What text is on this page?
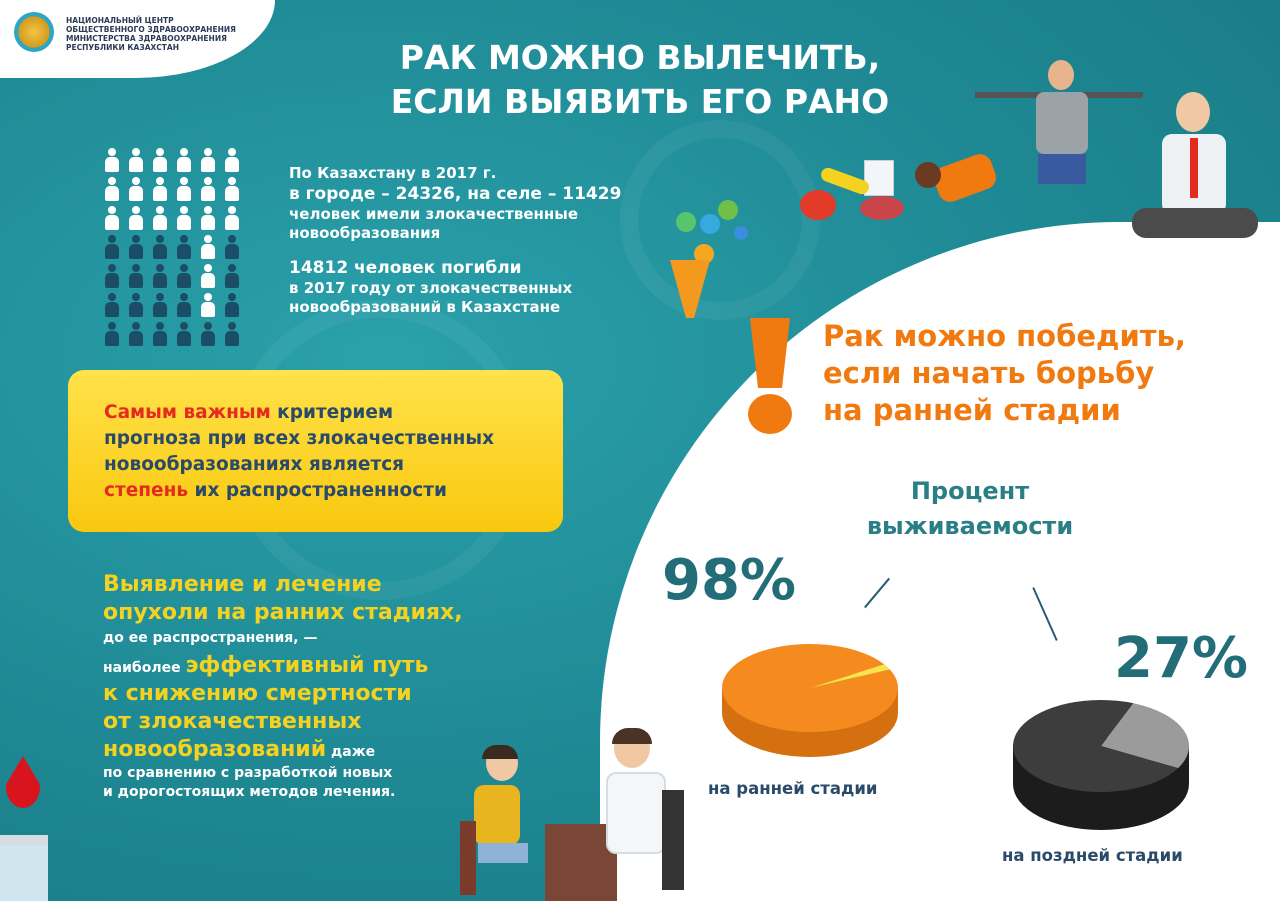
НАЦИОНАЛЬНЫЙ ЦЕНТР
ОБЩЕСТВЕННОГО ЗДРАВООХРАНЕНИЯ
МИНИСТЕРСТВА ЗДРАВООХРАНЕНИЯ
РЕСПУБЛИКИ КАЗАХСТАН	РАК МОЖНО ВЫЛЕЧИТЬ,
ЕСЛИ ВЫЯВИТЬ ЕГО РАНО
По Казахстану в 2017 г.
в городе – 24326, на селе – 11429
человек имели злокачественные
новообразования
14812 человек погибли
в 2017 году от злокачественных
новообразований в Казахстане
Самым важным критерием
прогноза при всех злокачественных
новообразованиях является
степень их распространенности
Выявление и лечение
опухоли на ранних стадиях,
до ее распространения, —
наиболее эффективный путь
к снижению смертности
от злокачественных
новообразований даже
по сравнению с разработкой новых
и дорогостоящих методов лечения.
Рак можно победить,
если начать борьбу
на ранней стадии
Процент
выживаемости
98%
27%
на ранней стадии
на поздней стадии
